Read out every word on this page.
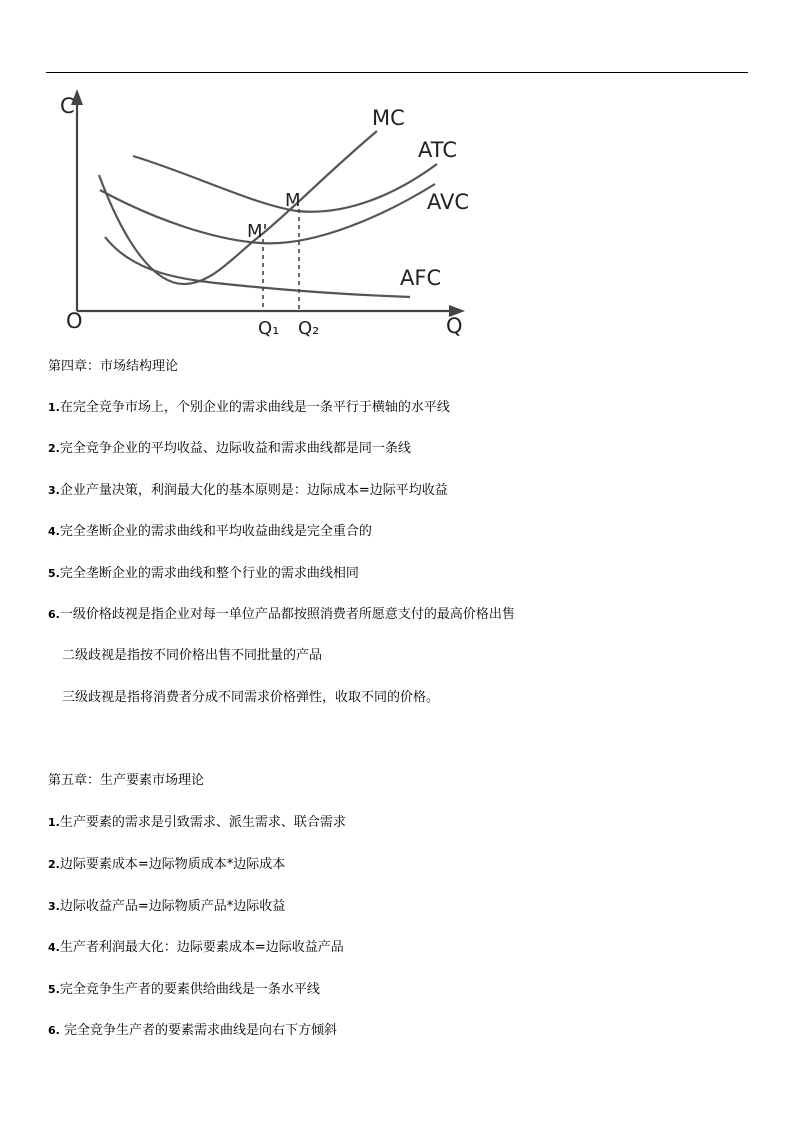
C
O	Q
Q₁ Q₂
MC
ATC
AVC
AFC
M
M'
第四章：市场结构理论
1.在完全竞争市场上，个别企业的需求曲线是一条平行于横轴的水平线
2.完全竞争企业的平均收益、边际收益和需求曲线都是同一条线
3.企业产量决策，利润最大化的基本原则是：边际成本=边际平均收益
4.完全垄断企业的需求曲线和平均收益曲线是完全重合的
5.完全垄断企业的需求曲线和整个行业的需求曲线相同
6.一级价格歧视是指企业对每一单位产品都按照消费者所愿意支付的最高价格出售
二级歧视是指按不同价格出售不同批量的产品
三级歧视是指将消费者分成不同需求价格弹性，收取不同的价格。
第五章：生产要素市场理论
1.生产要素的需求是引致需求、派生需求、联合需求
2.边际要素成本=边际物质成本*边际成本
3.边际收益产品=边际物质产品*边际收益
4.生产者利润最大化：边际要素成本=边际收益产品
5.完全竞争生产者的要素供给曲线是一条水平线
6. 完全竞争生产者的要素需求曲线是向右下方倾斜
